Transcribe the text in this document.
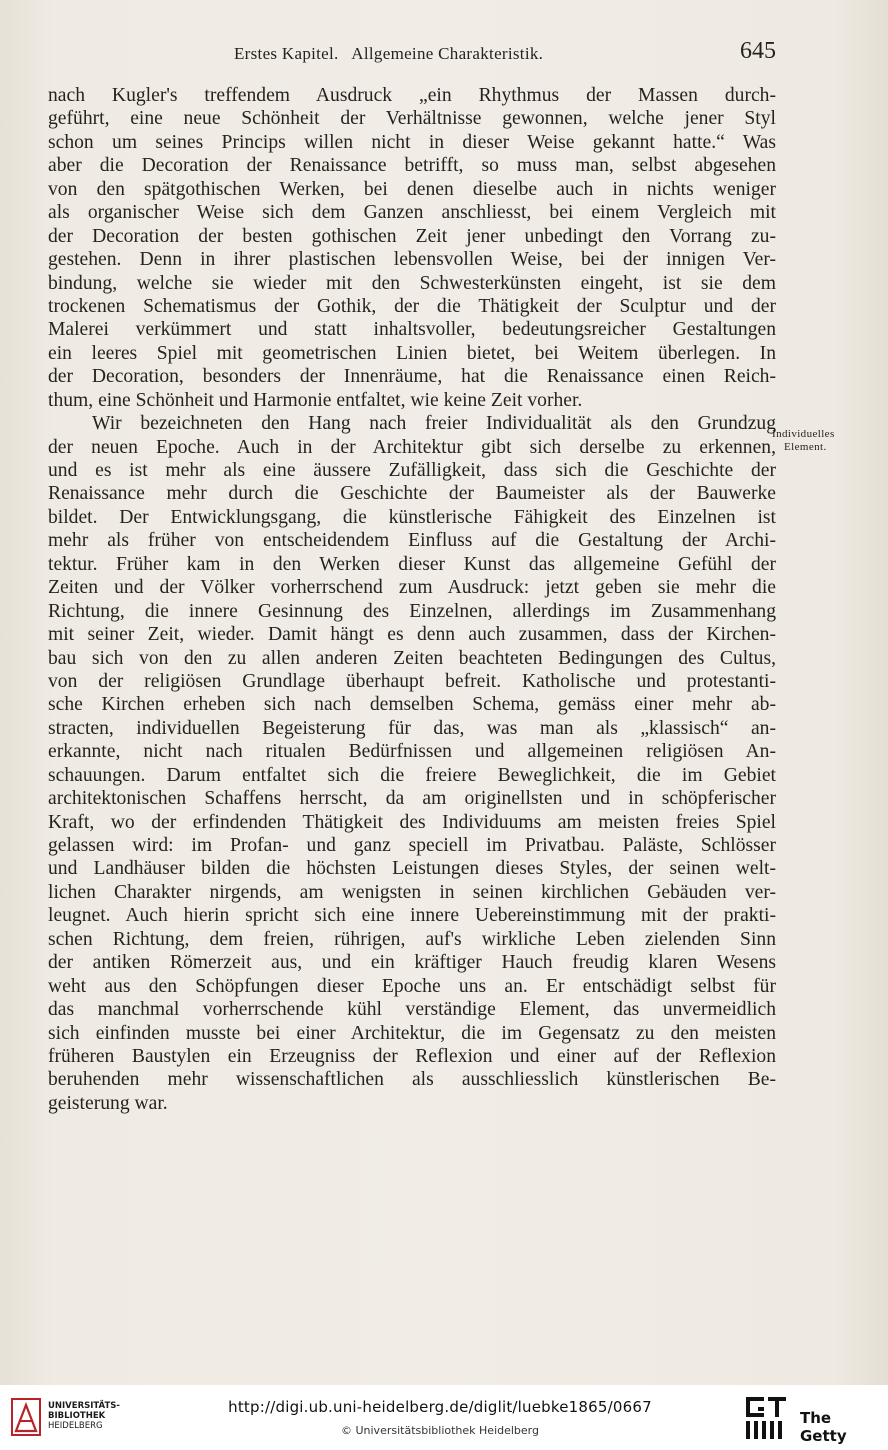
Erstes Kapitel.   Allgemeine Charakteristik.	645
Individuelles
Element.
nach Kugler's treffendem Ausdruck „ein Rhythmus der Massen durch-
geführt, eine neue Schönheit der Verhältnisse gewonnen, welche jener Styl
schon um seines Princips willen nicht in dieser Weise gekannt hatte.“ Was
aber die Decoration der Renaissance betrifft, so muss man, selbst abgesehen
von den spätgothischen Werken, bei denen dieselbe auch in nichts weniger
als organischer Weise sich dem Ganzen anschliesst, bei einem Vergleich mit
der Decoration der besten gothischen Zeit jener unbedingt den Vorrang zu-
gestehen. Denn in ihrer plastischen lebensvollen Weise, bei der innigen Ver-
bindung, welche sie wieder mit den Schwesterkünsten eingeht, ist sie dem
trockenen Schematismus der Gothik, der die Thätigkeit der Sculptur und der
Malerei verkümmert und statt inhaltsvoller, bedeutungsreicher Gestaltungen
ein leeres Spiel mit geometrischen Linien bietet, bei Weitem überlegen. In
der Decoration, besonders der Innenräume, hat die Renaissance einen Reich-
thum, eine Schönheit und Harmonie entfaltet, wie keine Zeit vorher.
Wir bezeichneten den Hang nach freier Individualität als den Grundzug
der neuen Epoche. Auch in der Architektur gibt sich derselbe zu erkennen,
und es ist mehr als eine äussere Zufälligkeit, dass sich die Geschichte der
Renaissance mehr durch die Geschichte der Baumeister als der Bauwerke
bildet. Der Entwicklungsgang, die künstlerische Fähigkeit des Einzelnen ist
mehr als früher von entscheidendem Einfluss auf die Gestaltung der Archi-
tektur. Früher kam in den Werken dieser Kunst das allgemeine Gefühl der
Zeiten und der Völker vorherrschend zum Ausdruck: jetzt geben sie mehr die
Richtung, die innere Gesinnung des Einzelnen, allerdings im Zusammenhang
mit seiner Zeit, wieder. Damit hängt es denn auch zusammen, dass der Kirchen-
bau sich von den zu allen anderen Zeiten beachteten Bedingungen des Cultus,
von der religiösen Grundlage überhaupt befreit. Katholische und protestanti-
sche Kirchen erheben sich nach demselben Schema, gemäss einer mehr ab-
stracten, individuellen Begeisterung für das, was man als „klassisch“ an-
erkannte, nicht nach ritualen Bedürfnissen und allgemeinen religiösen An-
schauungen. Darum entfaltet sich die freiere Beweglichkeit, die im Gebiet
architektonischen Schaffens herrscht, da am originellsten und in schöpferischer
Kraft, wo der erfindenden Thätigkeit des Individuums am meisten freies Spiel
gelassen wird: im Profan- und ganz speciell im Privatbau. Paläste, Schlösser
und Landhäuser bilden die höchsten Leistungen dieses Styles, der seinen welt-
lichen Charakter nirgends, am wenigsten in seinen kirchlichen Gebäuden ver-
leugnet. Auch hierin spricht sich eine innere Uebereinstimmung mit der prakti-
schen Richtung, dem freien, rührigen, auf's wirkliche Leben zielenden Sinn
der antiken Römerzeit aus, und ein kräftiger Hauch freudig klaren Wesens
weht aus den Schöpfungen dieser Epoche uns an. Er entschädigt selbst für
das manchmal vorherrschende kühl verständige Element, das unvermeidlich
sich einfinden musste bei einer Architektur, die im Gegensatz zu den meisten
früheren Baustylen ein Erzeugniss der Reflexion und einer auf der Reflexion
beruhenden mehr wissenschaftlichen als ausschliesslich künstlerischen Be-
geisterung war.
UNIVERSITÄTS-
BIBLIOTHEK
HEIDELBERG
http://digi.ub.uni-heidelberg.de/diglit/luebke1865/0667
© Universitätsbibliothek Heidelberg
The Getty
